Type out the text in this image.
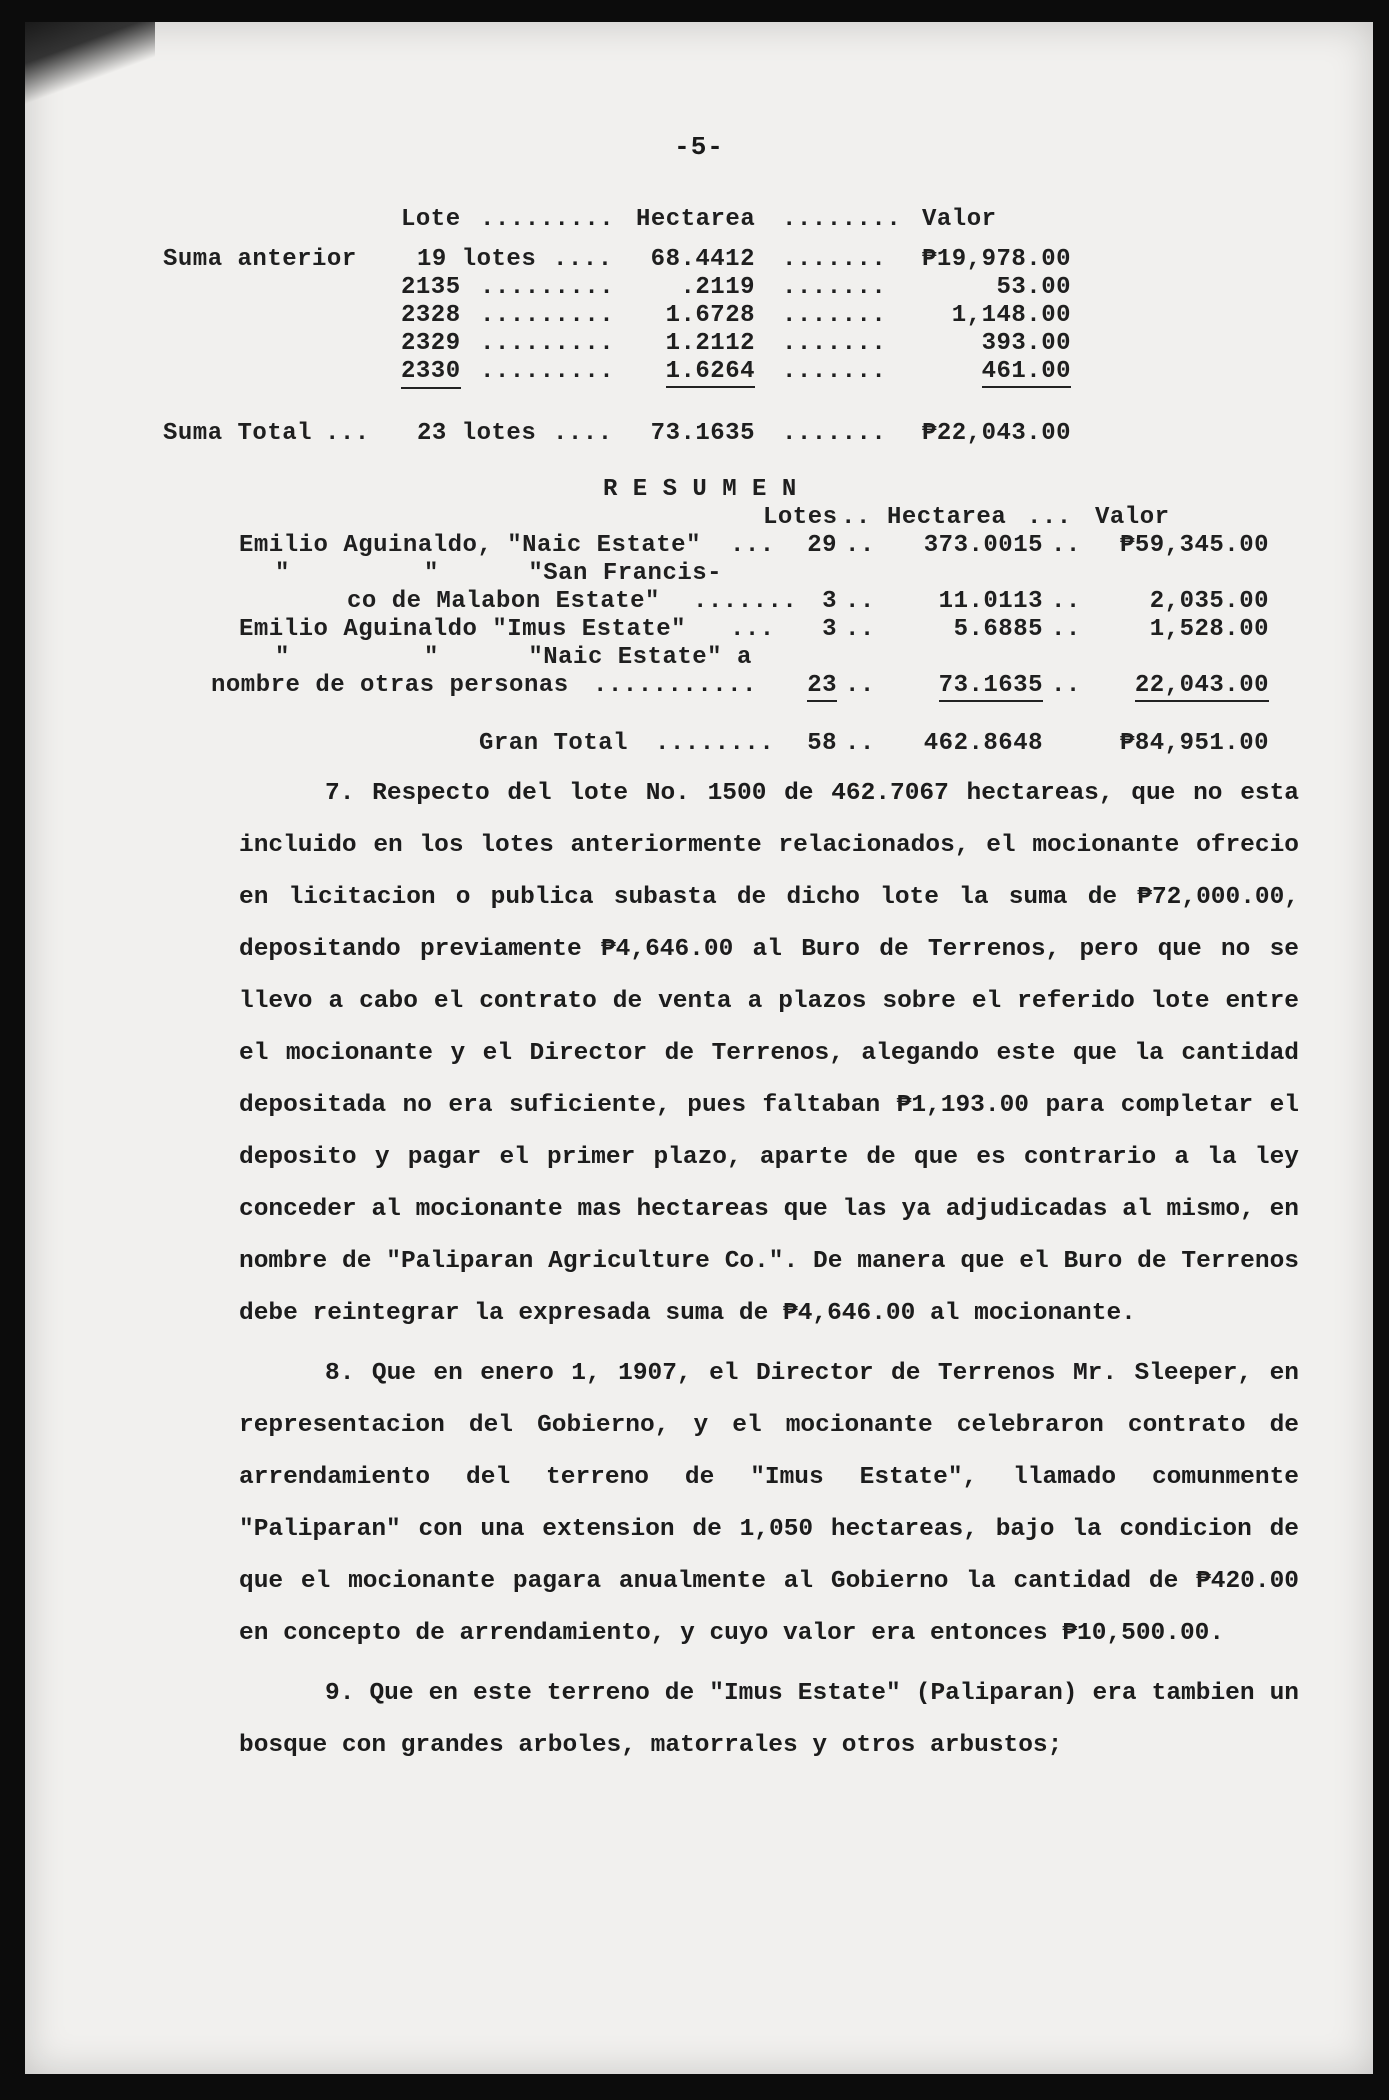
-5-
Lote ......... Hectarea ........ Valor
Suma anterior	19 lotes ....	68.4412 .......	₱19,978.00
2135 .........	.2119 .......	53.00
2328 .........	1.6728 .......	1,148.00
2329 .........	1.2112 .......	393.00
2330 .........	1.6264 .......	461.00
Suma Total ... 23 lotes ....	73.1635 .......	₱22,043.00
R E S U M E N
Lotes .. Hectarea ... Valor
Emilio Aguinaldo, "Naic Estate" ...	29 ..	373.0015 ..	₱59,345.00
"         "      "San Francis-
co de Malabon Estate" .......	3 ..	11.0113 ..	2,035.00
Emilio Aguinaldo "Imus Estate" ...	3 ..	5.6885 ..	1,528.00
"         "      "Naic Estate" a
nombre de otras personas ...........	23 ..	73.1635 ..	22,043.00
Gran Total ........	58 ..	462.8648	₱84,951.00

7. Respecto del lote No. 1500 de 462.7067 hectareas, que no esta incluido en los lotes anteriormente relacionados, el mocionante ofrecio en licitacion o publica subasta de dicho lote la suma de ₱72,000.00, depositando previamente ₱4,646.00 al Buro de Terrenos, pero que no se llevo a cabo el contrato de venta a plazos sobre el referido lote entre el mocionante y el Director de Terrenos, alegando este que la cantidad depositada no era suficiente, pues faltaban ₱1,193.00 para completar el deposito y pagar el primer plazo, aparte de que es contrario a la ley conceder al mocionante mas hectareas que las ya adjudicadas al mismo, en nombre de "Paliparan Agriculture Co.". De manera que el Buro de Terrenos debe reintegrar la expresada suma de ₱4,646.00 al mocionante.

8. Que en enero 1, 1907, el Director de Terrenos Mr. Sleeper, en representacion del Gobierno, y el mocionante celebraron contrato de arrendamiento del terreno de "Imus Estate", llamado comunmente "Paliparan" con una extension de 1,050 hectareas, bajo la condicion de que el mocionante pagara anualmente al Gobierno la cantidad de ₱420.00 en concepto de arrendamiento, y cuyo valor era entonces ₱10,500.00.

9. Que en este terreno de "Imus Estate" (Paliparan) era tambien un bosque con grandes arboles, matorrales y otros arbustos;
